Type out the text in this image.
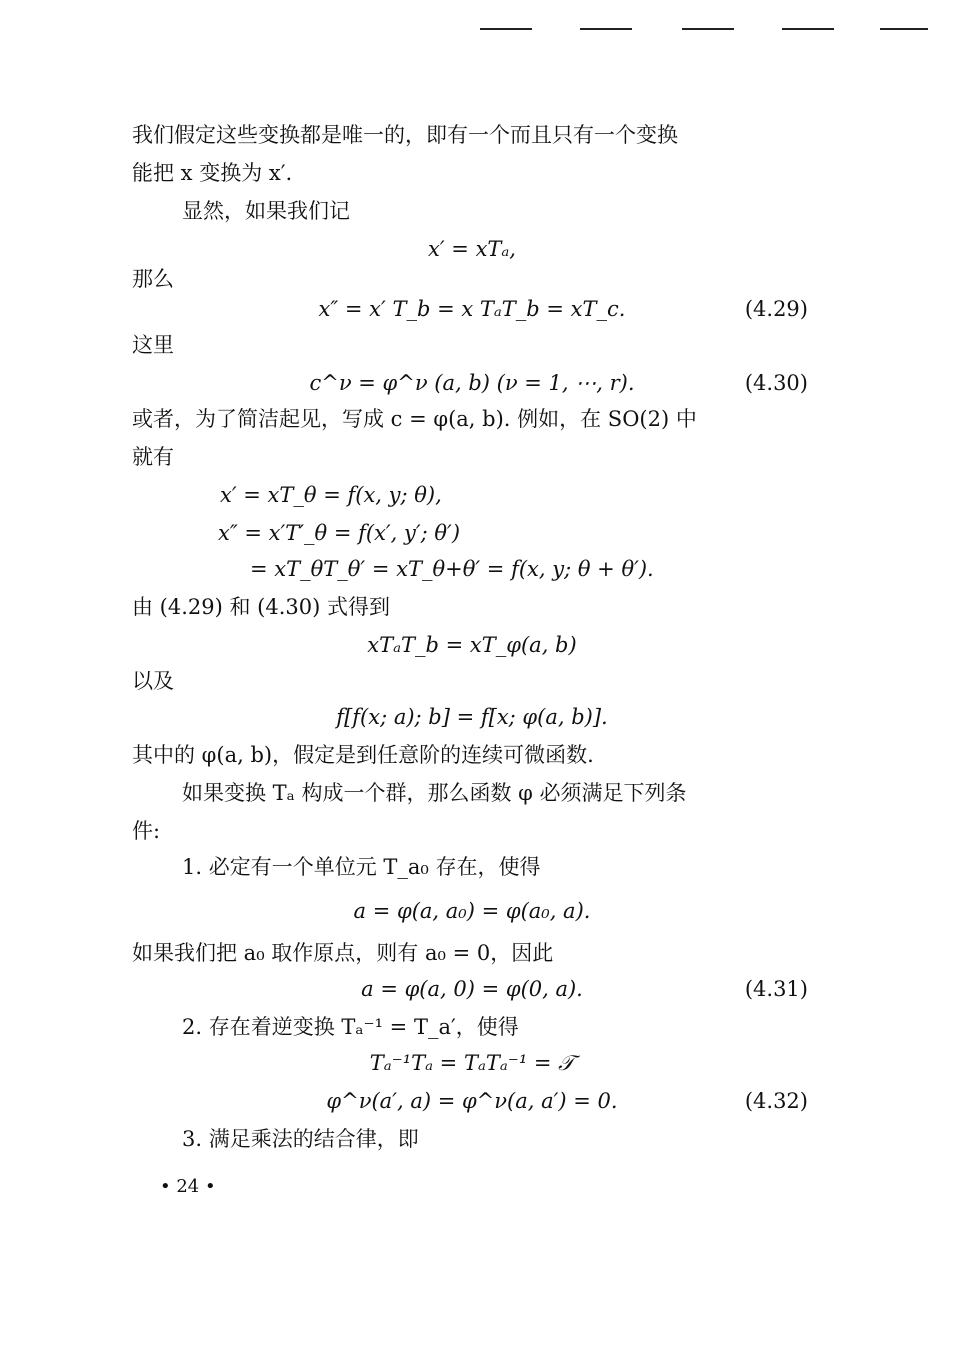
我们假定这些变换都是唯一的，即有一个而且只有一个变换
能把 x 变换为 x′.
显然，如果我们记
x′ = xTₐ,
那么
x″ = x′ T_b = x TₐT_b = xT_c.	(4.29)
这里
c^ν = φ^ν (a, b) (ν = 1, ⋯, r).	(4.30)
或者，为了简洁起见，写成 c = φ(a, b). 例如，在 SO(2) 中
就有
x′ = xT_θ = f(x, y; θ),
x″ = x′T′_θ = f(x′, y′; θ′)
= xT_θT_θ′ = xT_θ+θ′ = f(x, y; θ + θ′).
由 (4.29) 和 (4.30) 式得到
xTₐT_b = xT_φ(a, b)
以及
f[f(x; a); b] = f[x; φ(a, b)].
其中的 φ(a, b)，假定是到任意阶的连续可微函数.
如果变换 Tₐ 构成一个群，那么函数 φ 必须满足下列条
件:
1. 必定有一个单位元 T_a₀ 存在，使得
a = φ(a, a₀) = φ(a₀, a).
如果我们把 a₀ 取作原点，则有 a₀ = 0，因此
a = φ(a, 0) = φ(0, a).	(4.31)
2. 存在着逆变换 Tₐ⁻¹ = T_a′，使得
Tₐ⁻¹Tₐ = TₐTₐ⁻¹ = 𝒯
φ^ν(a′, a) = φ^ν(a, a′) = 0.	(4.32)
3. 满足乘法的结合律，即
• 24 •
